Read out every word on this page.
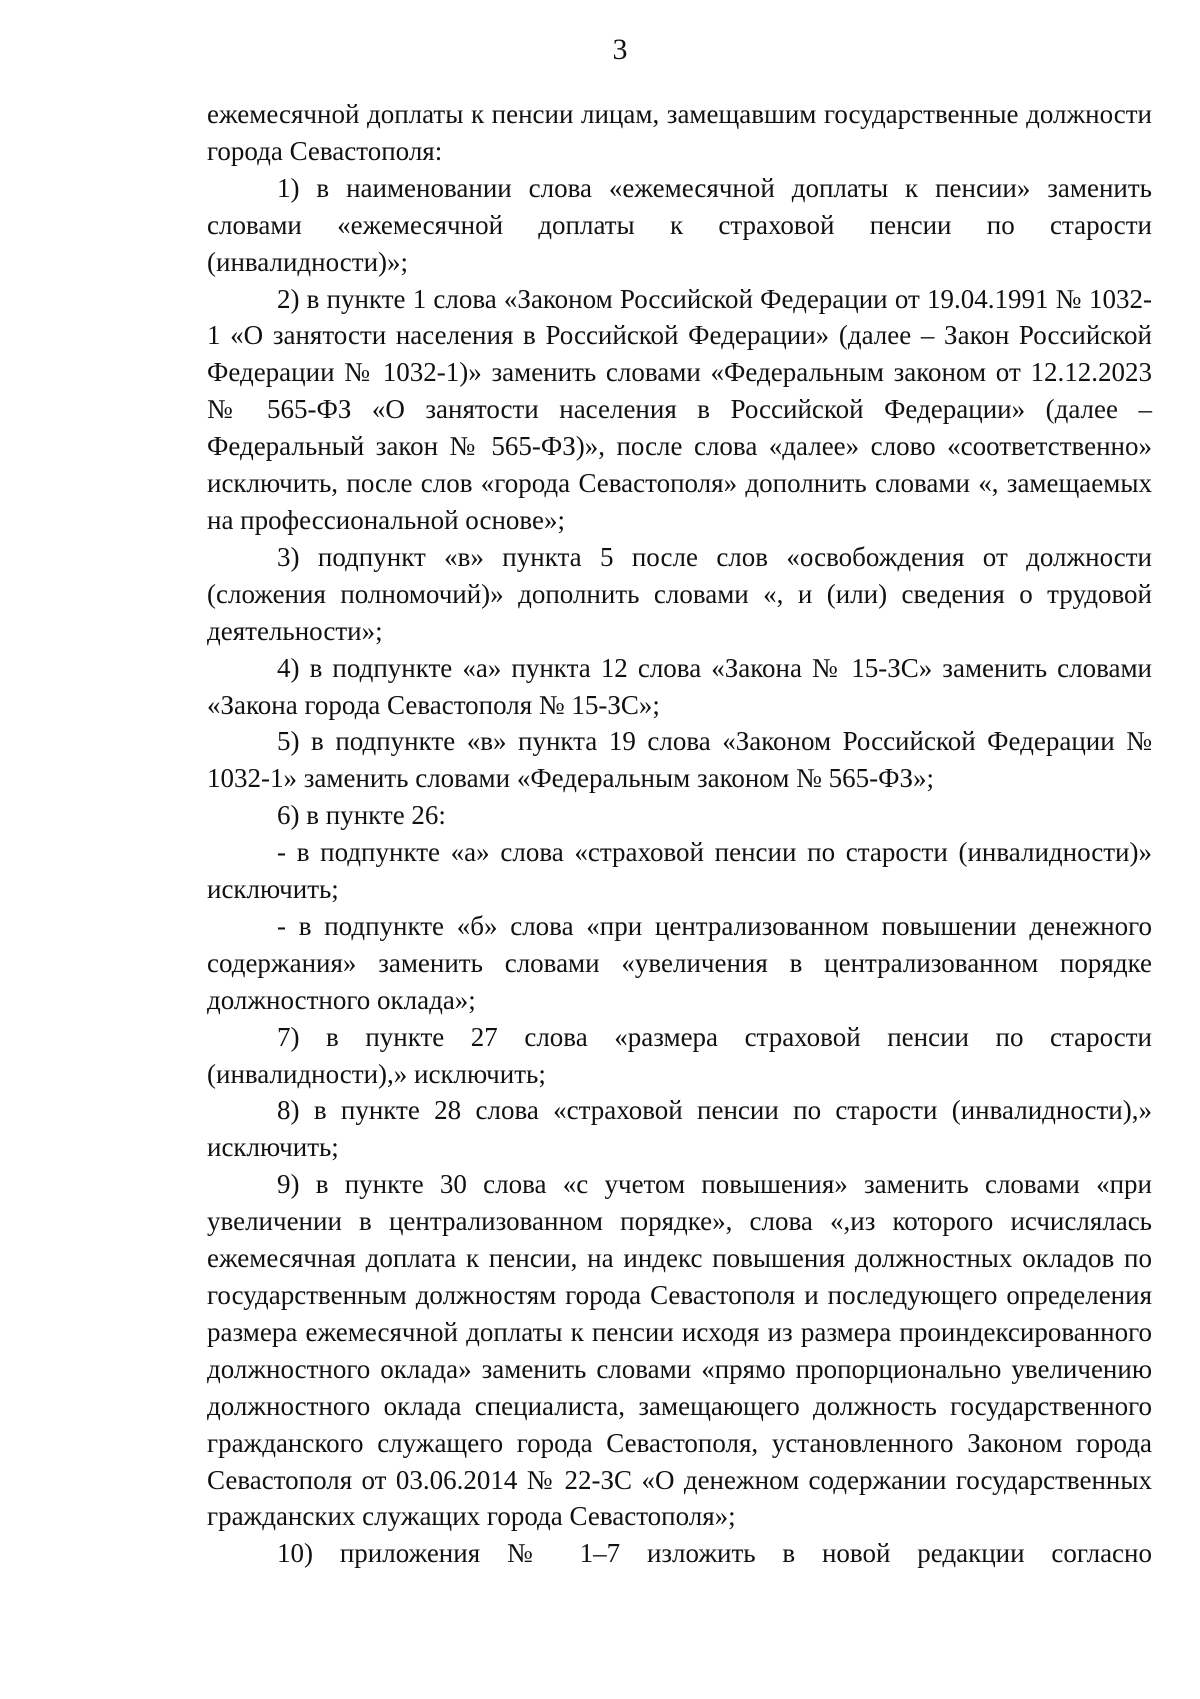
3

ежемесячной доплаты к пенсии лицам, замещавшим государственные должности города Севастополя:

1) в наименовании слова «ежемесячной доплаты к пенсии» заменить словами «ежемесячной доплаты к страховой пенсии по старости (инвалидности)»;

2) в пункте 1 слова «Законом Российской Федерации от 19.04.1991 № 1032-1 «О занятости населения в Российской Федерации» (далее – Закон Российской Федерации № 1032-1)» заменить словами «Федеральным законом от 12.12.2023 № 565-ФЗ «О занятости населения в Российской Федерации» (далее – Федеральный закон № 565-ФЗ)», после слова «далее» слово «соответственно» исключить, после слов «города Севастополя» дополнить словами «, замещаемых на профессиональной основе»;

3) подпункт «в» пункта 5 после слов «освобождения от должности (сложения полномочий)» дополнить словами «, и (или) сведения о трудовой деятельности»;

4) в подпункте «а» пункта 12 слова «Закона № 15-ЗС» заменить словами «Закона города Севастополя № 15-ЗС»;

5) в подпункте «в» пункта 19 слова «Законом Российской Федерации № 1032-1» заменить словами «Федеральным законом № 565-ФЗ»;

6) в пункте 26:

- в подпункте «а» слова «страховой пенсии по старости (инвалидности)» исключить;

- в подпункте «б» слова «при централизованном повышении денежного содержания» заменить словами «увеличения в централизованном порядке должностного оклада»;

7) в пункте 27 слова «размера страховой пенсии по старости (инвалидности),» исключить;

8) в пункте 28 слова «страховой пенсии по старости (инвалидности),» исключить;

9) в пункте 30 слова «с учетом повышения» заменить словами «при увеличении в централизованном порядке», слова «,из которого исчислялась ежемесячная доплата к пенсии, на индекс повышения должностных окладов по государственным должностям города Севастополя и последующего определения размера ежемесячной доплаты к пенсии исходя из размера проиндексированного должностного оклада» заменить словами «прямо пропорционально увеличению должностного оклада специалиста, замещающего должность государственного гражданского служащего города Севастополя, установленного Законом города Севастополя от 03.06.2014 № 22-ЗС «О денежном содержании государственных гражданских служащих города Севастополя»;

10) приложения № 1–7 изложить в новой редакции согласно
